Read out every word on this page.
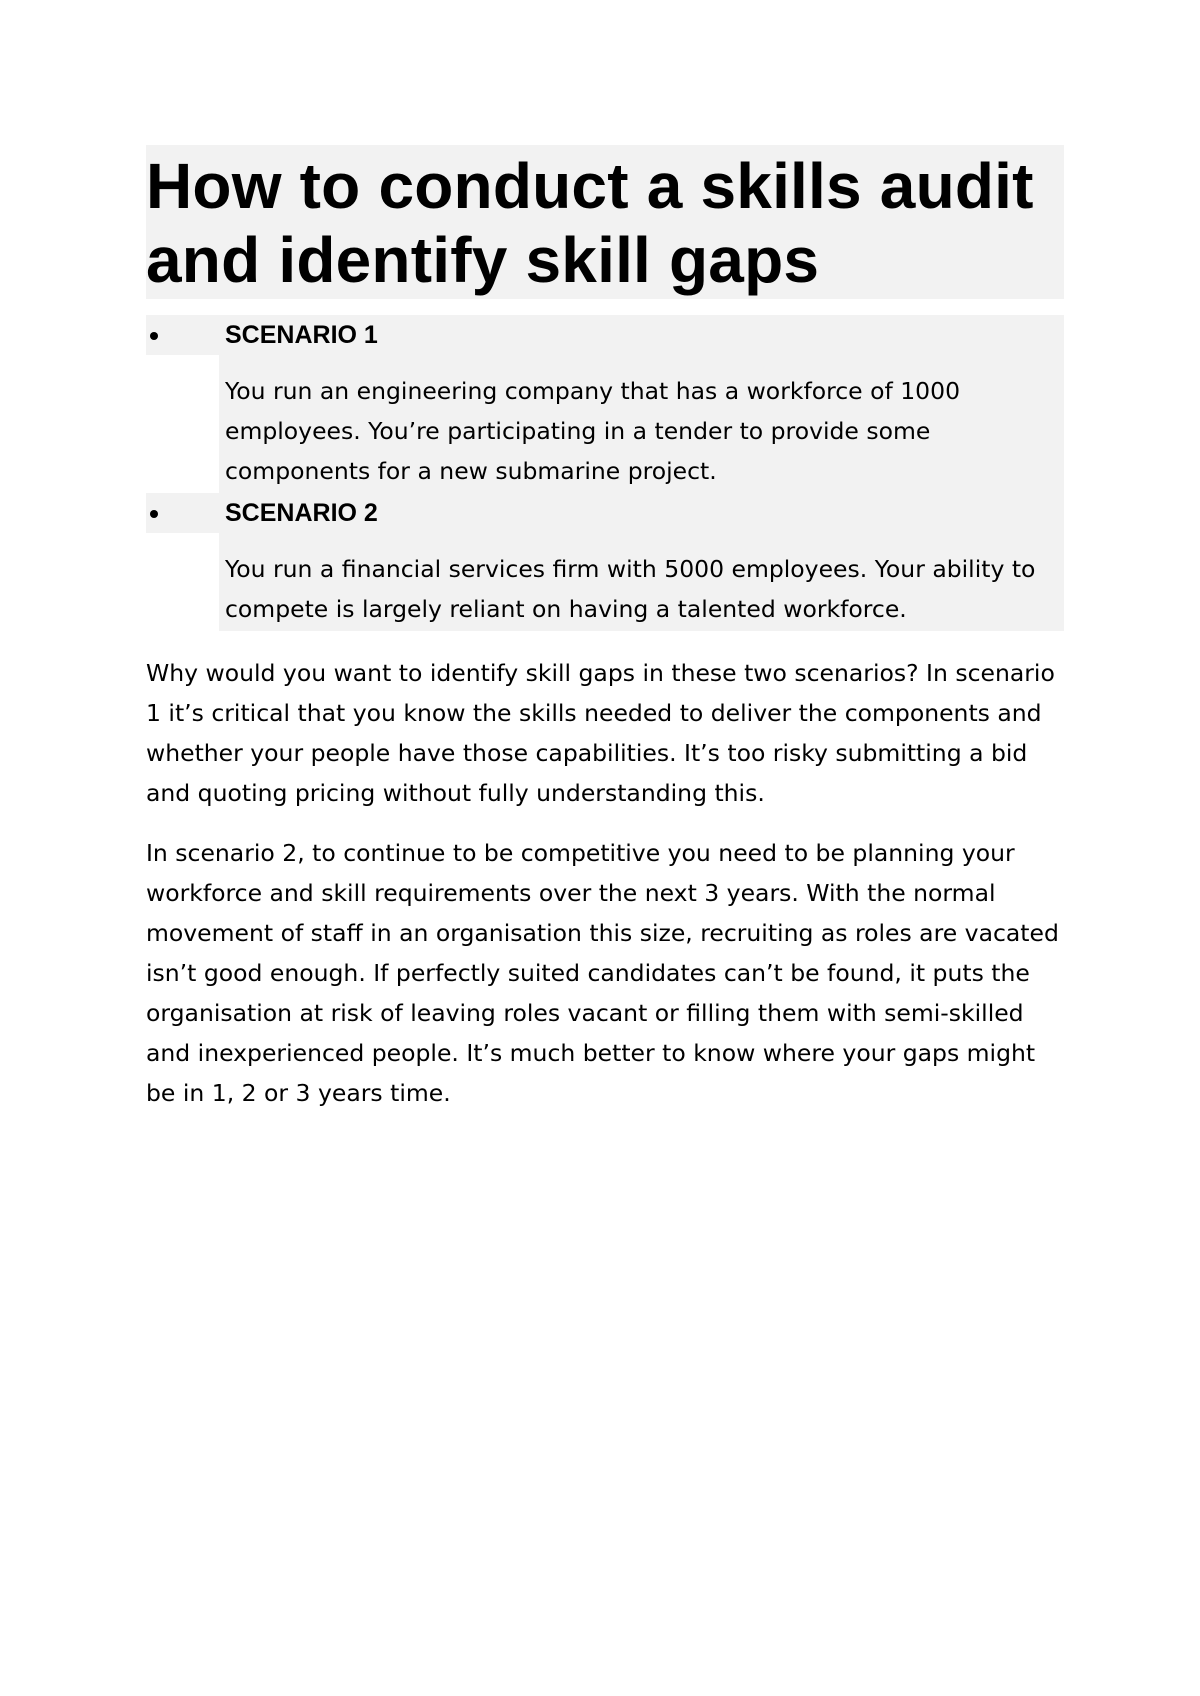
How to conduct a skills audit and identify skill gaps
SCENARIO 1

You run an engineering company that has a workforce of 1000 employees. You’re participating in a tender to provide some components for a new submarine project.

SCENARIO 2

You run a financial services firm with 5000 employees. Your ability to compete is largely reliant on having a talented workforce.

Why would you want to identify skill gaps in these two scenarios? In scenario 1 it’s critical that you know the skills needed to deliver the components and whether your people have those capabilities. It’s too risky submitting a bid and quoting pricing without fully understanding this.

In scenario 2, to continue to be competitive you need to be planning your workforce and skill requirements over the next 3 years. With the normal movement of staff in an organisation this size, recruiting as roles are vacated isn’t good enough. If perfectly suited candidates can’t be found, it puts the organisation at risk of leaving roles vacant or filling them with semi-skilled and inexperienced people. It’s much better to know where your gaps might be in 1, 2 or 3 years time.
